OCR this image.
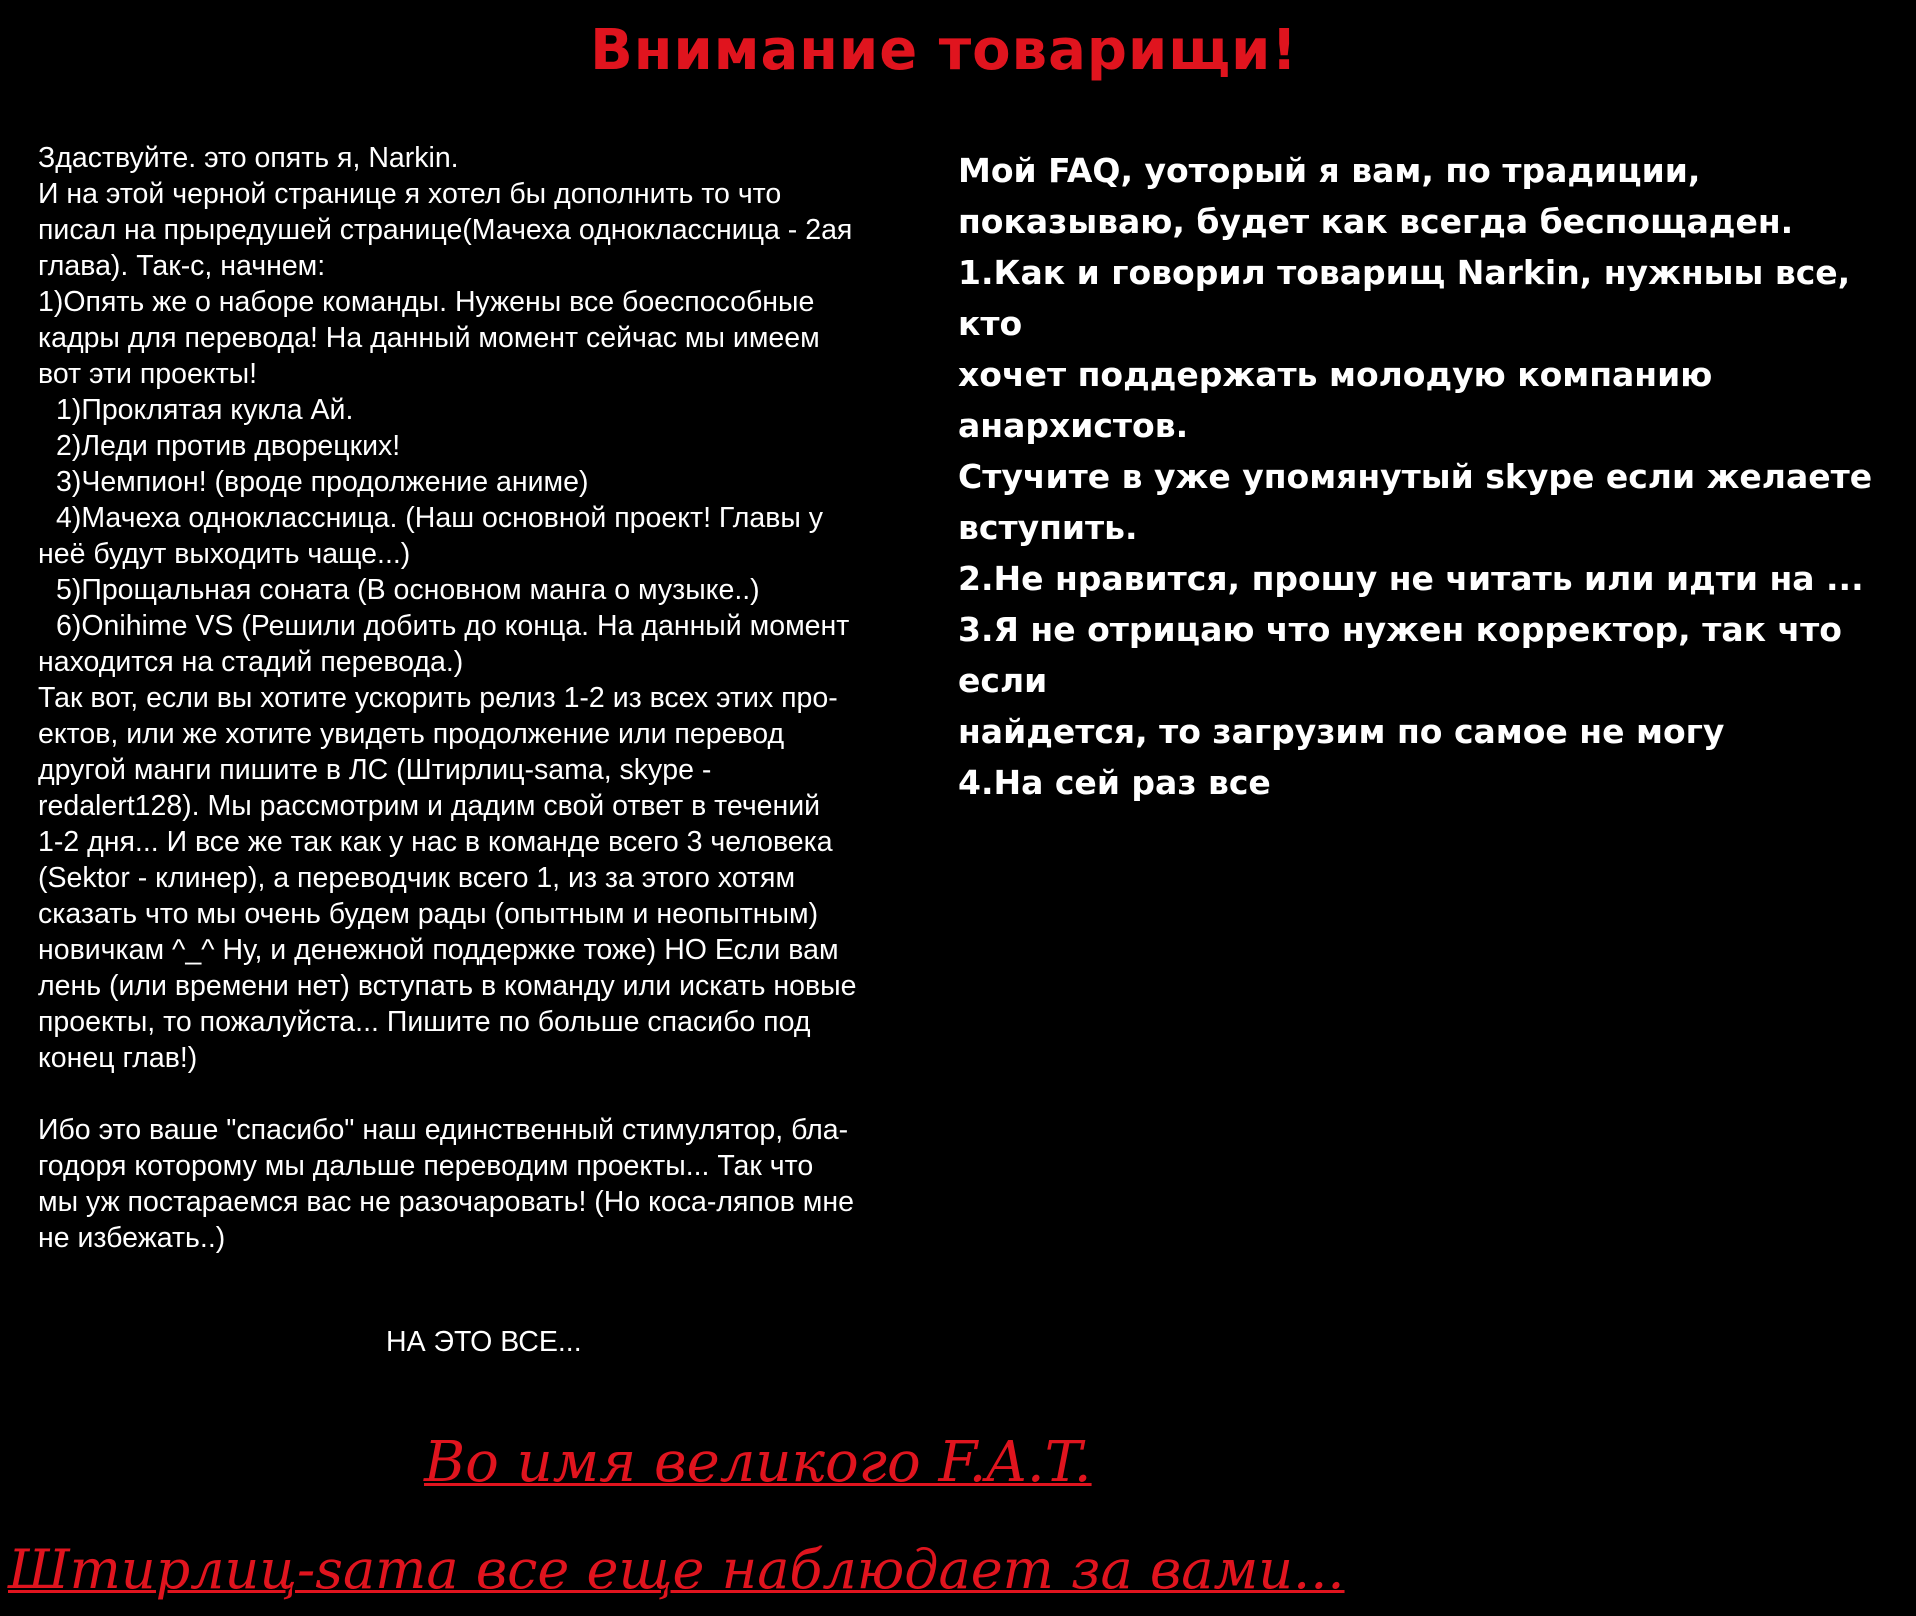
Внимание товарищи!

Здаствуйте. это опять я, Narkin.

И на этой черной странице я хотел бы дополнить то что

писал на прыредушей странице(Мачеха одноклассница - 2ая

глава). Так-с, начнем:

1)Опять же о наборе команды. Нужены все боеспособные

кадры для перевода! На данный момент сейчас мы имеем

вот эти проекты!

1)Проклятая кукла Ай.

2)Леди против дворецких!

3)Чемпион! (вроде продолжение аниме)

4)Мачеха одноклассница. (Наш основной проект! Главы у

неё будут выходить чаще...)

5)Прощальная соната (В основном манга о музыке..)

6)Onihime VS (Решили добить до конца. На данный момент

находится на стадий перевода.)

Так вот, если вы хотите ускорить релиз 1-2 из всех этих про-

ектов, или же хотите увидеть продолжение или перевод

другой манги пишите в ЛС (Штирлиц-sama, skype -

redalert128). Мы рассмотрим и дадим свой ответ в течений

1-2 дня... И все же так как у нас в команде всего 3 человека

(Sektor - клинер), а переводчик всего 1, из за этого хотям

сказать что мы очень будем рады (опытным и неопытным)

новичкам ^_^ Ну, и денежной поддержке тоже) НО Если вам

лень (или времени нет) вступать в команду или искать новые

проекты, то пожалуйста... Пишите по больше спасибо под

конец глав!)

Ибо это ваше "спасибо" наш единственный стимулятор, бла-

годоря которому мы дальше переводим проекты... Так что

мы уж постараемся вас не разочаровать! (Но коса-ляпов мне

не избежать..)

НА ЭТО ВСЕ...

Мой FAQ, уоторый я вам, по традиции,

показываю, будет как всегда беспощаден.

1.Как и говорил товарищ Narkin, нужныы все, кто

хочет поддержать молодую компанию анархистов.

Стучите в уже упомянутый skype если желаете

вступить.

2.Не нравится, прошу не читать или идти на ...

3.Я не отрицаю что нужен корректор, так что если

найдется, то загрузим по самое не могу

4.На сей раз все

Во имя великого F.A.T.

Штирлиц-sama все еще наблюдает за вами...
